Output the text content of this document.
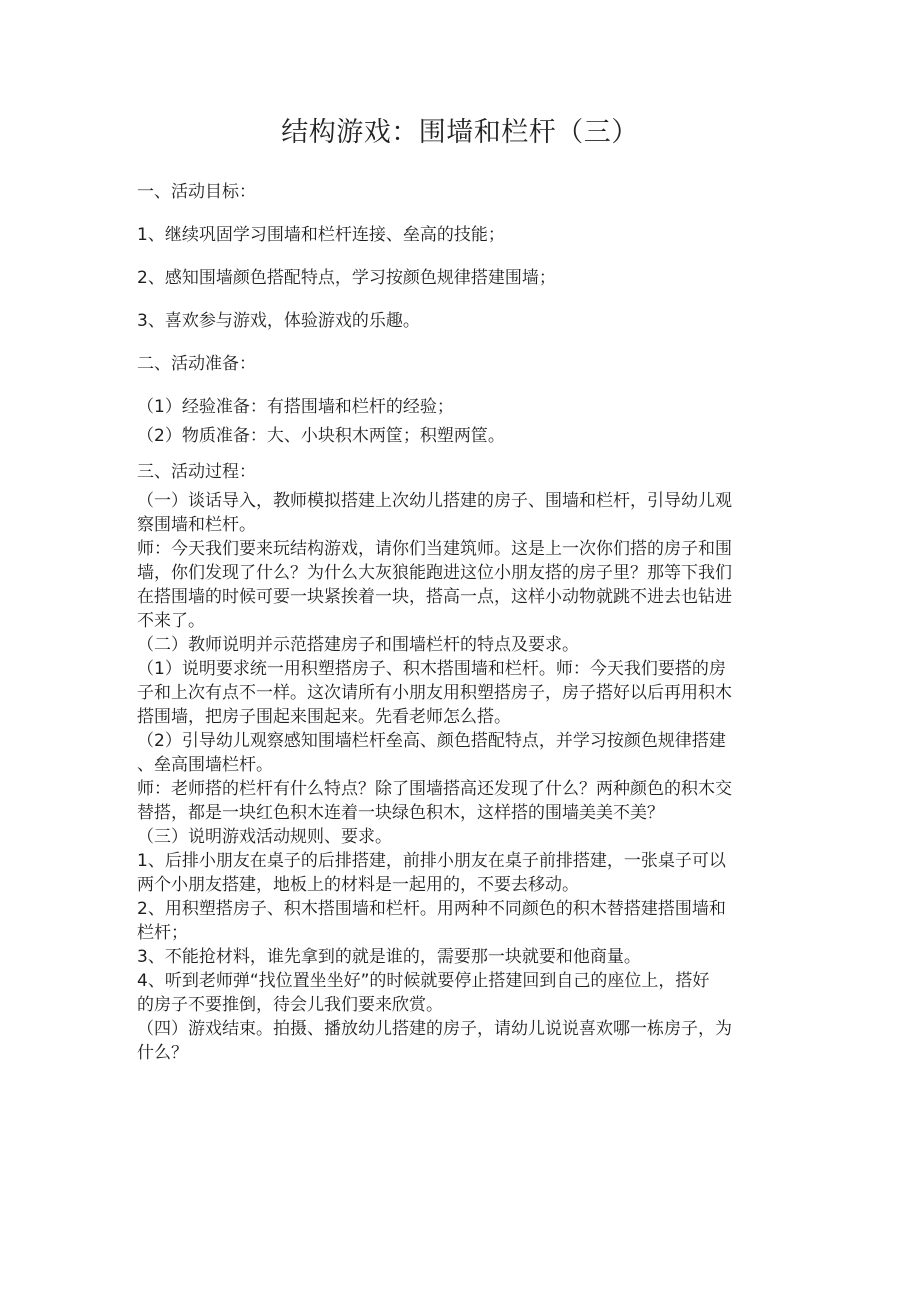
结构游戏：围墙和栏杆（三）
一、活动目标：
1、继续巩固学习围墙和栏杆连接、垒高的技能；
2、感知围墙颜色搭配特点，学习按颜色规律搭建围墙；
3、喜欢参与游戏，体验游戏的乐趣。
二、活动准备：
（1）经验准备：有搭围墙和栏杆的经验；
（2）物质准备：大、小块积木两筐；积塑两筐。
三、活动过程：
（一）谈话导入，教师模拟搭建上次幼儿搭建的房子、围墙和栏杆，引导幼儿观
察围墙和栏杆。
师：今天我们要来玩结构游戏，请你们当建筑师。这是上一次你们搭的房子和围
墙，你们发现了什么？为什么大灰狼能跑进这位小朋友搭的房子里？那等下我们
在搭围墙的时候可要一块紧挨着一块，搭高一点，这样小动物就跳不进去也钻进
不来了。
（二）教师说明并示范搭建房子和围墙栏杆的特点及要求。
（1）说明要求统一用积塑搭房子、积木搭围墙和栏杆。师：今天我们要搭的房
子和上次有点不一样。这次请所有小朋友用积塑搭房子，房子搭好以后再用积木
搭围墙，把房子围起来围起来。先看老师怎么搭。
（2）引导幼儿观察感知围墙栏杆垒高、颜色搭配特点，并学习按颜色规律搭建
、垒高围墙栏杆。
师：老师搭的栏杆有什么特点？除了围墙搭高还发现了什么？两种颜色的积木交
替搭，都是一块红色积木连着一块绿色积木，这样搭的围墙美美不美？
（三）说明游戏活动规则、要求。
1、后排小朋友在桌子的后排搭建，前排小朋友在桌子前排搭建，一张桌子可以
两个小朋友搭建，地板上的材料是一起用的，不要去移动。
2、用积塑搭房子、积木搭围墙和栏杆。用两种不同颜色的积木替搭建搭围墙和
栏杆；
3、不能抢材料，谁先拿到的就是谁的，需要那一块就要和他商量。
4、听到老师弹“找位置坐坐好”的时候就要停止搭建回到自己的座位上，搭好
的房子不要推倒，待会儿我们要来欣赏。
（四）游戏结束。拍摄、播放幼儿搭建的房子，请幼儿说说喜欢哪一栋房子，为
什么？
